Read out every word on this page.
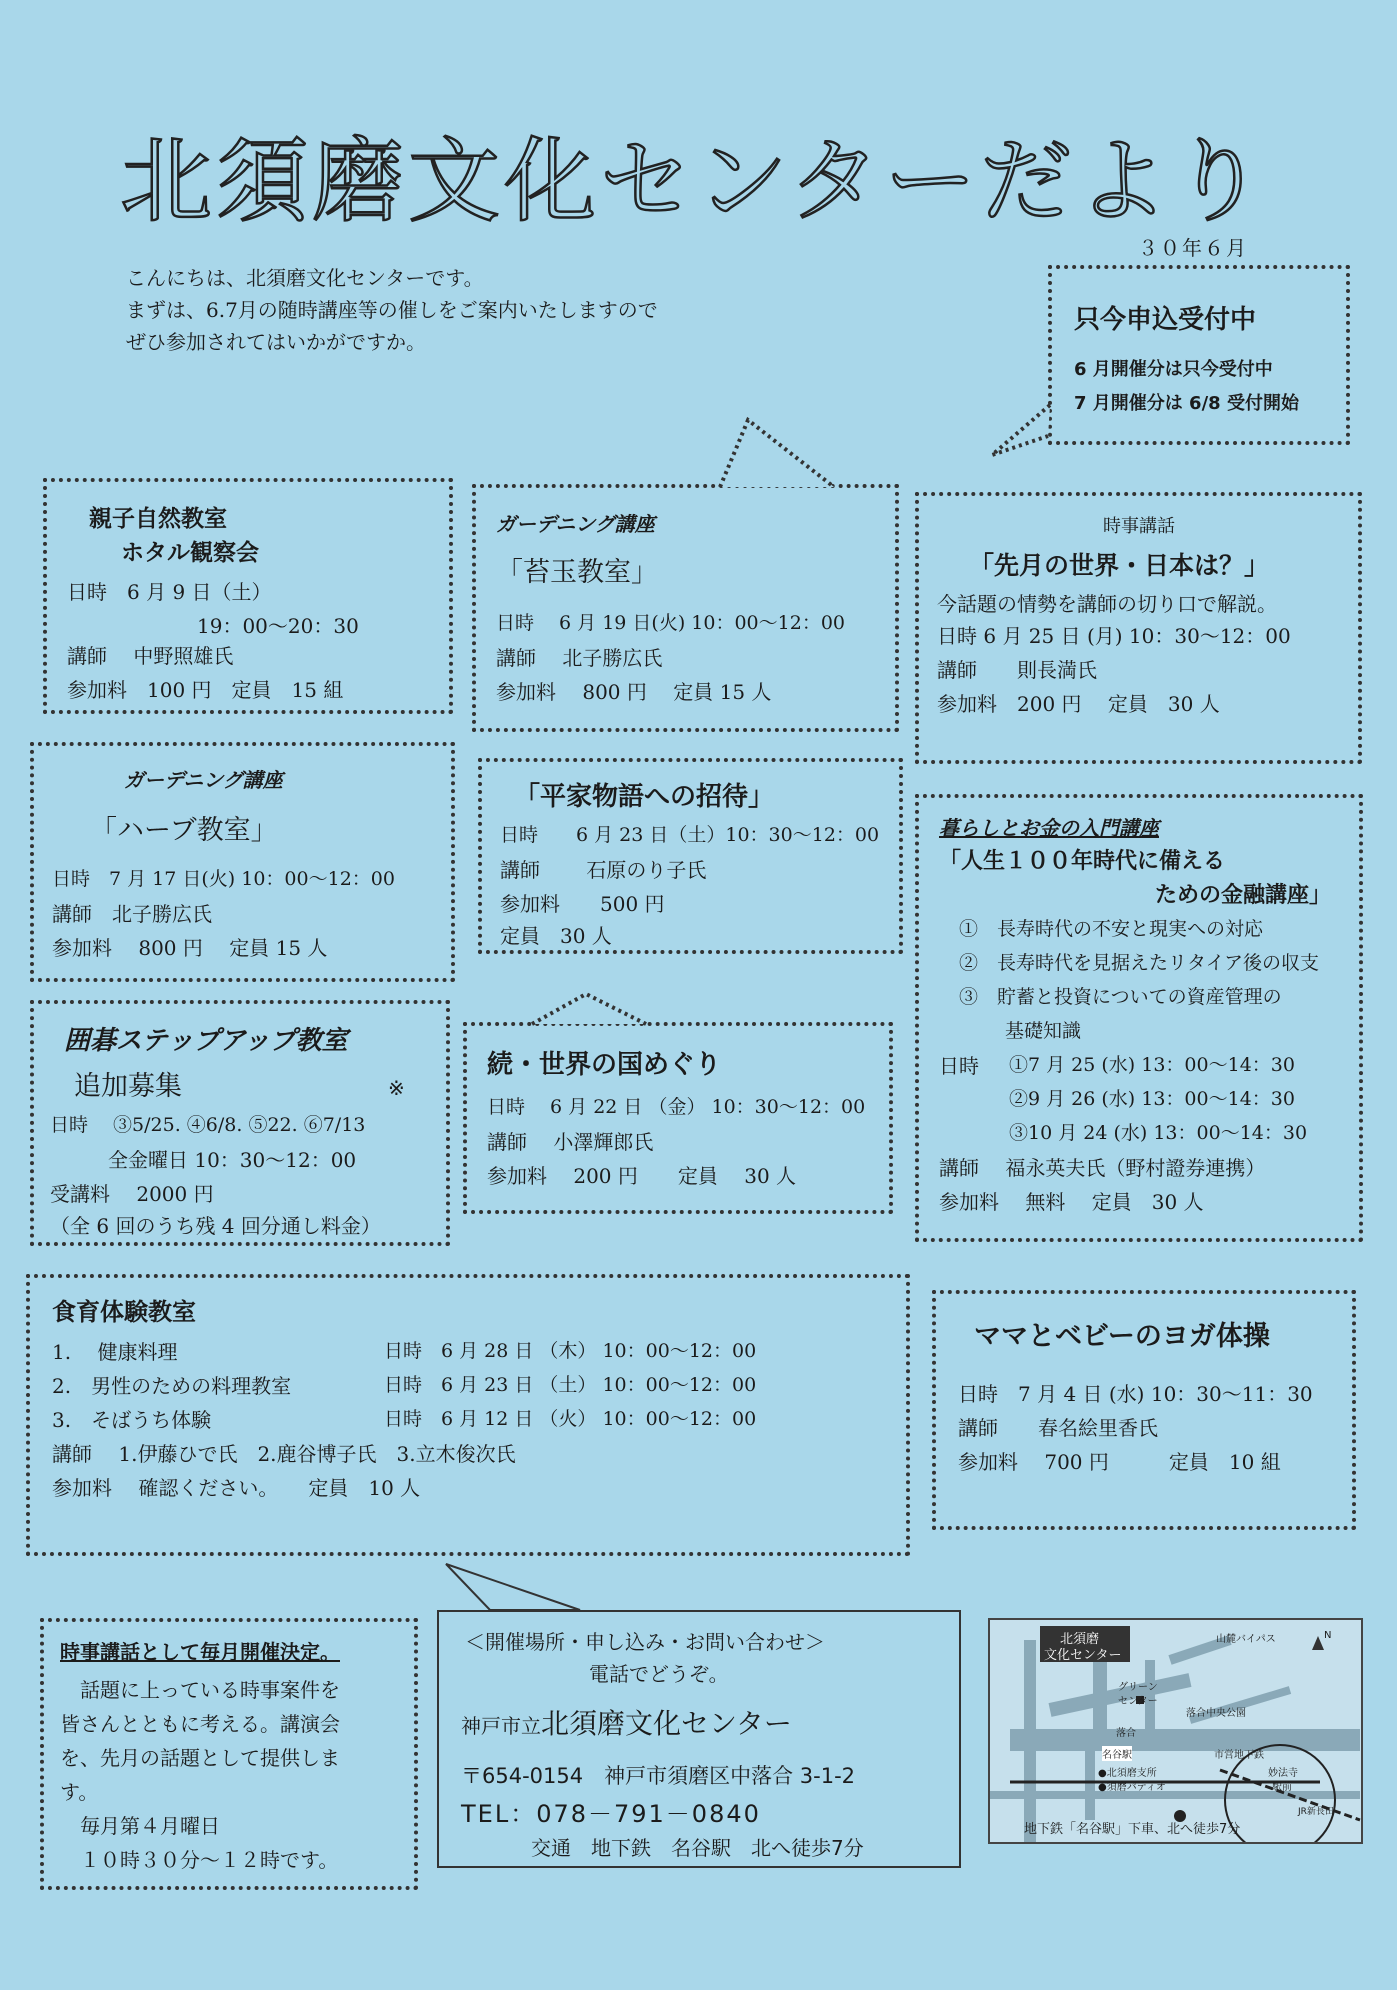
北須磨文化センターだより
３０年６月
こんにちは、北須磨文化センターです。
まずは、6.7月の随時講座等の催しをご案内いたしますので
ぜひ参加されてはいかがですか。
只今申込受付中
6 月開催分は只今受付中
7 月開催分は 6/8 受付開始
親子自然教室
ホタル観察会
日時　6 月 9 日（土）
19：00～20：30
講師　 中野照雄氏
参加料　100 円　定員　15 組
ガーデニング講座
「苔玉教室」
日時　 6 月 19 日(火) 10：00～12：00
講師　 北子勝広氏
参加料　 800 円　 定員 15 人
時事講話
「先月の世界・日本は？」
今話題の情勢を講師の切り口で解説。
日時 6 月 25 日 (月) 10：30～12：00
講師　　則長満氏
参加料　200 円　 定員　30 人
ガーデニング講座
「ハーブ教室」
日時　7 月 17 日(火) 10：00～12：00
講師　北子勝広氏
参加料　 800 円　 定員 15 人
「平家物語への招待」
日時　　6 月 23 日（土）10：30～12：00
講師　　 石原のり子氏
参加料　　500 円
定員　30 人
暮らしとお金の入門講座
「人生１００年時代に備える
ための金融講座」
①　長寿時代の不安と現実への対応
②　長寿時代を見据えたリタイア後の収支
③　貯蓄と投資についての資産管理の
基礎知識
日時 ①7 月 25 (水) 13：00～14：30
②9 月 26 (水) 13：00～14：30
③10 月 24 (水) 13：00～14：30
講師　 福永英夫氏（野村證券連携）
参加料　 無料　 定員　30 人
囲碁ステップアップ教室
追加募集	※
日時　 ③5/25. ④6/8. ⑤22. ⑥7/13
全金曜日 10：30～12：00
受講料　 2000 円
（全 6 回のうち残 4 回分通し料金）
続・世界の国めぐり
日時　 6 月 22 日 （金） 10：30～12：00
講師　 小澤輝郎氏
参加料　 200 円　　定員　 30 人
食育体験教室
1.　 健康料理	日時　6 月 28 日 （木） 10：00～12：00
2.　男性のための料理教室	日時　6 月 23 日 （土） 10：00～12：00
3.　そばうち体験	日時　6 月 12 日 （火） 10：00～12：00
講師　 1.伊藤ひで氏　2.鹿谷博子氏　3.立木俊次氏
参加料　 確認ください。　　定員　10 人
ママとベビーのヨガ体操
日時　7 月 4 日 (水) 10：30～11：30
講師　　春名絵里香氏
参加料　 700 円　　　定員　10 組
時事講話として毎月開催決定。
　話題に上っている時事案件を
皆さんとともに考える。講演会
を、先月の話題として提供しま
す。
　毎月第４月曜日
　１０時３０分～１２時です。
＜開催場所・申し込み・お問い合わせ＞
電話でどうぞ。
神戸市立北須磨文化センター
〒654-0154　神戸市須磨区中落合 3-1-2
TEL：078－791－0840
交通　地下鉄　名谷駅　北へ徒歩7分
北須磨
文化センター
山麓バイパス	N
グリーン
センター
落合中央公園
落合
名谷駅	市営地下鉄
●北須磨支所
●須磨パティオ
妙法寺
駅前
JR新長田
地下鉄「名谷駅」下車、北へ徒歩7分
